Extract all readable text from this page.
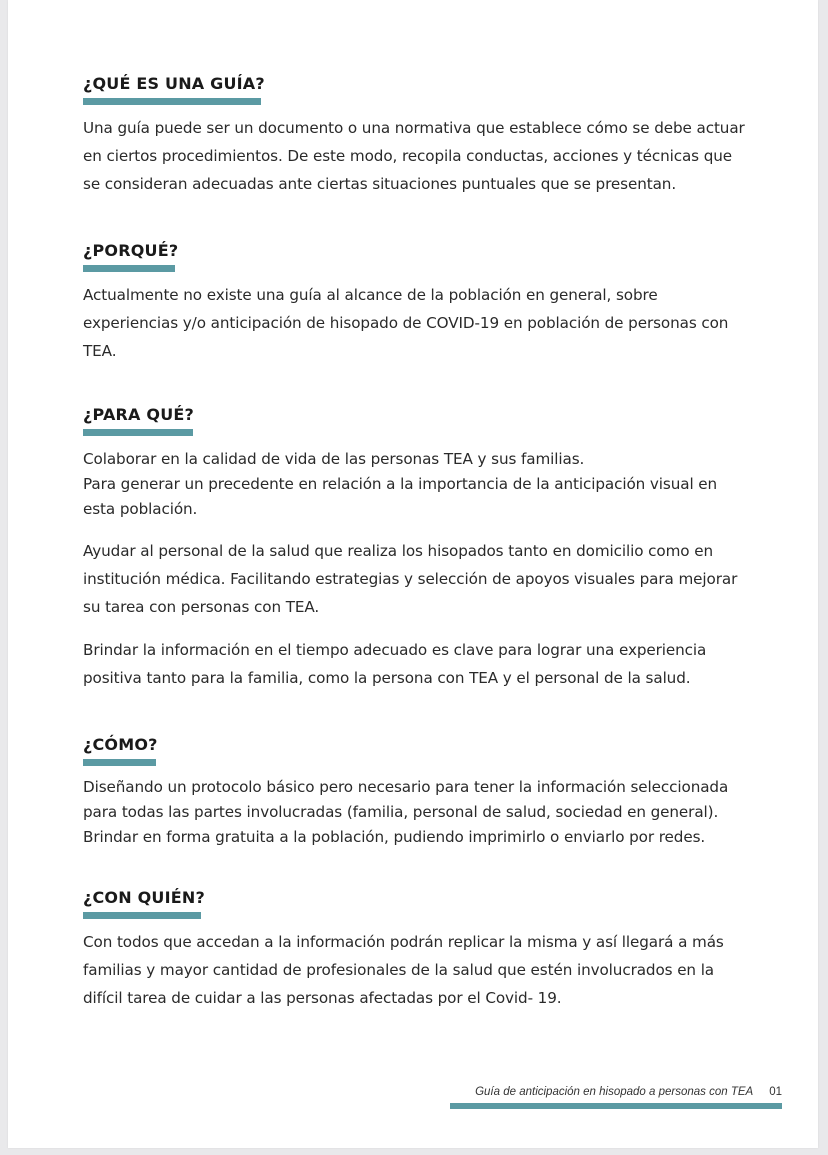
¿QUÉ ES UNA GUÍA?

Una guía puede ser un documento o una normativa que establece cómo se debe actuar
en ciertos procedimientos. De este modo, recopila conductas, acciones y técnicas que
se consideran adecuadas ante ciertas situaciones puntuales que se presentan.

¿PORQUÉ?

Actualmente no existe una guía al alcance de la población en general, sobre
experiencias y/o anticipación de hisopado de COVID-19 en población de personas con
TEA.

¿PARA QUÉ?

Colaborar en la calidad de vida de las personas TEA y sus familias.
Para generar un precedente en relación a la importancia de la anticipación visual en
esta población.

Ayudar al personal de la salud que realiza los hisopados tanto en domicilio como en
institución médica. Facilitando estrategias y selección de apoyos visuales para mejorar
su tarea con personas con TEA.

Brindar la información en el tiempo adecuado es clave para lograr una experiencia
positiva tanto para la familia, como la persona con TEA y el personal de la salud.

¿CÓMO?

Diseñando un protocolo básico pero necesario para tener la información seleccionada
para todas las partes involucradas (familia, personal de salud, sociedad en general).
Brindar en forma gratuita a la población, pudiendo imprimirlo o enviarlo por redes.

¿CON QUIÉN?

Con todos que accedan a la información podrán replicar la misma y así llegará a más
familias y mayor cantidad de profesionales de la salud que estén involucrados en la
difícil tarea de cuidar a las personas afectadas por el Covid- 19.

Guía de anticipación en hisopado a personas con TEA 01
